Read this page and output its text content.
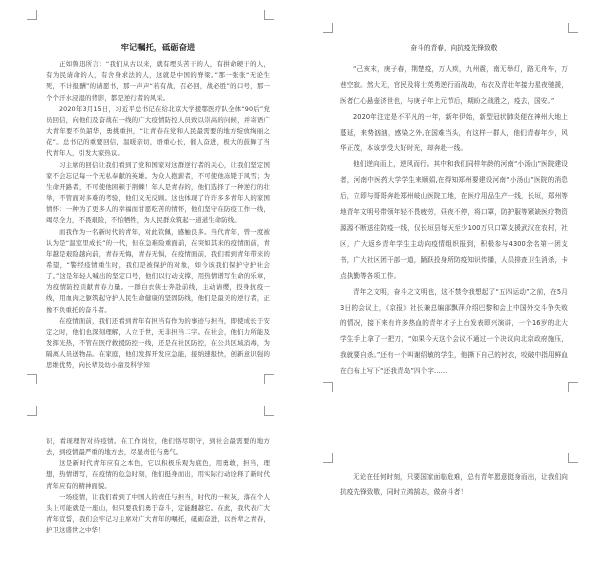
牢记嘱托，砥砺奋进

正如鲁迅所言：“我们从古以来，就有埋头苦干的人，有拼命硬干的人，有为民请命的人，有舍身求法的人，这就是中国的脊梁。”那一张张“无论生死，不计报酬”的请愿书，那一声声“若有战，召必回，战必胜”的口号，那一个个汗水浸湿的背影，都是逆行者的风采。

2020年3月15日，习近平总书记在给北京大学援鄂医疗队全体“90后”党员回信，向他们及奋战在一线的广大疫情防控人员致以崇高的问候，并寄语广大青年要不负韶华，勇挑重担，“让青春在党和人民最需要的地方绽放绚丽之花”。总书记的重要回信，温暖亲切，语重心长，催人奋进，极大的鼓舞了当代青年人，引发大家热议。

习主席的回信让我们看到了党和国家对这群逆行者的关心，让我们坚定国家不会忘记每一个无私奉献的英雄。为众人抱薪者，不可使他冻毙于风雪；为生命开路者，不可使他困顿于荆棘！年人是青春的，他们选择了一种逆行的壮举，不管面对多难的考验，他们义无反顾。这也体现了许许多多青年人的家国情怀：一种为了更多人的幸福而甘愿吃苦的情怀，他们坚守在防疫工作一线，竭尽全力，不畏艰险，不怕牺牲，为人民群众筑起一道道生命防线。

而我作为一名新时代的青年，对此钦佩，感触良多。当代青年，曾一度被认为是“温室里成长”的一代，但在急难险重面前，在突如其来的疫情面前，青年越是艰险越向前，青春无悔，青春无惧，在疫情面前，我们看到青年带来的希望，“警经疫情重生时，我们是被保护的对象，如今该我们保护守护社会了。”这是年轻人喊出的坚定口号，他们以行动支撑，用热情谱写生命的乐章，为疫情防控贡献青春力量。一群白衣侠士奔赴前线，主动请缨，投身抗疫一线，用血肉之躯筑起守护人民生命健康的坚固防线，他们是最美的逆行者，正像不负重托的奋斗者。

在疫情面前，我们还看到青年有担当有作为的事迹与担当，即使成长于安定之时，他们也深刻理解，人立于世，无非担当二字。在社会，他们力所能及发挥光热，不管在医疗救援防控一线，还是在社区防控，在公共区域消毒，为隔离人员送物品。在家庭，他们发挥开发应急能，接纳速报快，创新意识强的思维优势，向长辈及幼小童及科学知

奋斗的青春，向抗疫先锋致敬

“己亥末，庚子春，荆楚疫，万人疾，九州震，南无举灯，路无舟车，万巷空寂。然大无，官民及将士英勇逆行而战劫，布衣及青壮年接力星夜驰援，医者仁心悬壶济世也，与庚子年上元节后，期盼之战胜之，疫去，国安。”

2020年注定是不平凡的一年，新年伊始，新型冠状肺炎便在神州大地上蔓延，来势汹汹，感染之外,在国难当头，有这样一群人，他们青春年少，风华正茂，本该享受大好时光，却奔赴一线。

他们逆向而上，逆风而行。其中和我们同样年龄的河南“小汤山”医院建设者，河南中医药大学学生来顺娟,在得知郑州要建设河南“小汤山”医院的消息后，立即与哥哥奔赴郑州岐山医院工地，在医疗用品生产一线，长垣，郑州等地青年文明号带领年轻不畏疲劳，昼夜不停，将口罩，防护服等紧缺医疗物资源源不断送往防疫一线，仅长垣县每天至少100万只口罩支援武汉在农村，社区，广大返乡青年学生主动向疫情组织报到，积极参与4300余名第一团支书，广大社区团干部一道，踊跃投身所防疫知识传播，人员排查卫生消杀，卡点执勤等各项工作。

青年之文明，奋斗之文明也，这不禁令我想起了“五四运动”之前，在5月3日的会议上，《京报》社长兼总编邵飘萍介绍巴黎和会上中国外交斗争失败的情况，接下来有许多热血的青年才子上台发表即兴演讲，一个16岁的北大学生手上拿了一把刀，“如果今天这个会议不通过一个决议向北京政府施压，我就要自杀。”还有一个叫谢绍敏的学生，他撕下自己的衬衣，咬破中指用鲜血在白布上写下“还我青岛”四个字……

识，看现理智对待疫情。在工作岗位，他们恪尽职守，到社会最需要的地方去，到疫情最严重的地方去，尽显责任与勇气。

这是新时代青年应有之本色，它以积极乐观为底色，用勇敢，担当，理想，热情谱写，在疫情的危急时刻，他们挺身而出，用实际行动诠释了新时代青年应有的精神面貌。

一场疫情，让我们看到了中国人的责任与担当，时代的一粒灰，落在个人头上可能就是一座山，但只要我们勇于奋斗，定能翻越它。在此，我代表广大青年宣誓，我们会牢记习主席对广大青年的嘱托，砥砺奋进，以吾辈之青春，护卫这盛世之中华！

无论在任何时刻，只要国家面临危难，总有青年愿意挺身而出，让我们向抗疫先锋致敬，同时立鸿鹄志，做奋斗者！
